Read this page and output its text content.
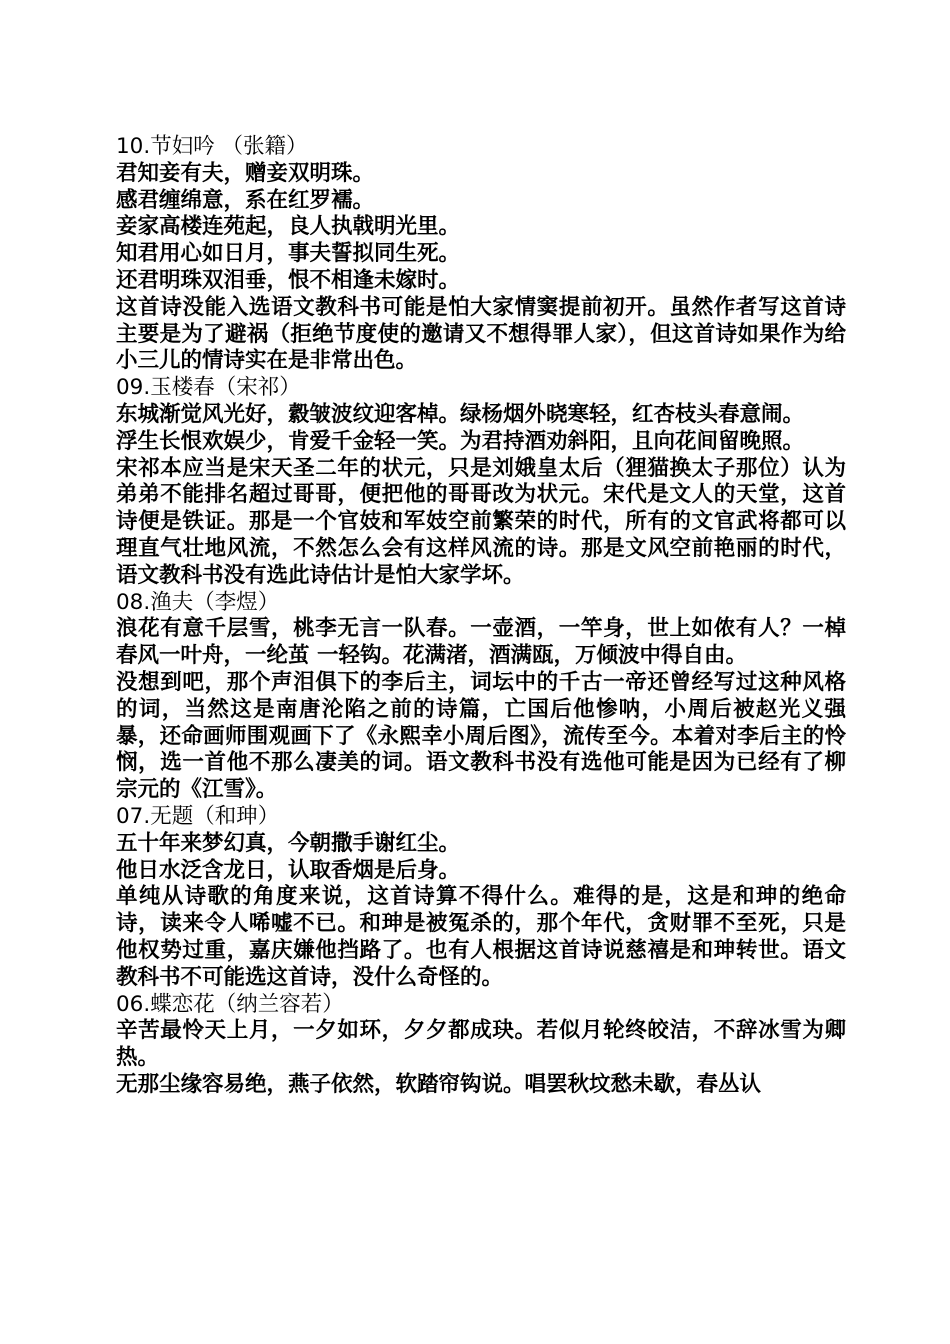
10.节妇吟 （张籍）

君知妾有夫，赠妾双明珠。

感君缠绵意，系在红罗襦。

妾家高楼连苑起，良人执戟明光里。

知君用心如日月，事夫誓拟同生死。

还君明珠双泪垂，恨不相逢未嫁时。

这首诗没能入选语文教科书可能是怕大家情窦提前初开。虽然作者写这首诗主要是为了避祸（拒绝节度使的邀请又不想得罪人家），但这首诗如果作为给小三儿的情诗实在是非常出色。

09.玉楼春（宋祁）

东城渐觉风光好，縠皱波纹迎客棹。绿杨烟外晓寒轻，红杏枝头春意闹。

浮生长恨欢娱少，肯爱千金轻一笑。为君持酒劝斜阳，且向花间留晚照。

宋祁本应当是宋天圣二年的状元，只是刘娥皇太后（狸猫换太子那位）认为弟弟不能排名超过哥哥，便把他的哥哥改为状元。宋代是文人的天堂，这首诗便是铁证。那是一个官妓和军妓空前繁荣的时代，所有的文官武将都可以理直气壮地风流，不然怎么会有这样风流的诗。那是文风空前艳丽的时代，语文教科书没有选此诗估计是怕大家学坏。

08.渔夫（李煜）

浪花有意千层雪，桃李无言一队春。一壶酒，一竿身，世上如侬有人？一棹春风一叶舟，一纶茧 一轻钩。花满渚，酒满瓯，万倾波中得自由。

没想到吧，那个声泪俱下的李后主，词坛中的千古一帝还曾经写过这种风格的词，当然这是南唐沦陷之前的诗篇，亡国后他惨呐，小周后被赵光义强暴，还命画师围观画下了《永熙幸小周后图》，流传至今。本着对李后主的怜悯，选一首他不那么凄美的词。语文教科书没有选他可能是因为已经有了柳宗元的《江雪》。

07.无题（和珅）

五十年来梦幻真，今朝撒手谢红尘。

他日水泛含龙日，认取香烟是后身。

单纯从诗歌的角度来说，这首诗算不得什么。难得的是，这是和珅的绝命诗，读来令人唏嘘不已。和珅是被冤杀的，那个年代，贪财罪不至死，只是他权势过重，嘉庆嫌他挡路了。也有人根据这首诗说慈禧是和珅转世。语文教科书不可能选这首诗，没什么奇怪的。

06.蝶恋花（纳兰容若）

辛苦最怜天上月，一夕如环，夕夕都成玦。若似月轮终皎洁，不辞冰雪为卿热。

无那尘缘容易绝，燕子依然，软踏帘钩说。唱罢秋坟愁未歇，春丛认
